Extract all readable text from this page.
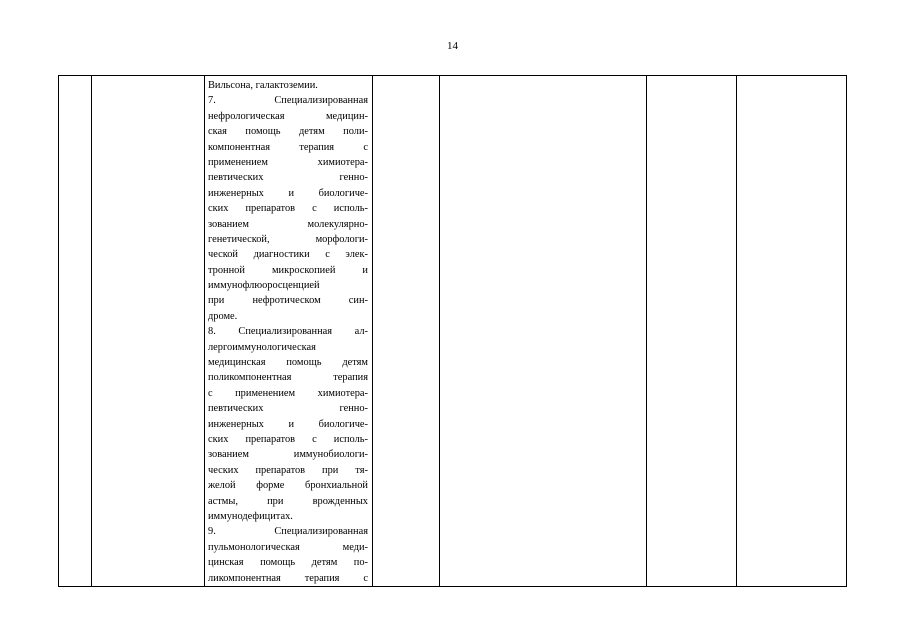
14

Вильсона, галактоземии.
7. Специализированная
нефрологическая медицин-
ская помощь детям поли-
компонентная терапия с
применением химиотера-
певтических генно-
инженерных и биологиче-
ских препаратов с исполь-
зованием молекулярно-
генетической, морфологи-
ческой диагностики с элек-
тронной микроскопией и
иммунофлюоросценцией
при нефротическом син-
дроме.
8. Специализированная ал-
лергоиммунологическая
медицинская помощь детям
поликомпонентная терапия
с применением химиотера-
певтических генно-
инженерных и биологиче-
ских препаратов с исполь-
зованием иммунобиологи-
ческих препаратов при тя-
желой форме бронхиальной
астмы, при врожденных
иммунодефицитах.
9. Специализированная
пульмонологическая меди-
цинская помощь детям по-
ликомпонентная терапия с
